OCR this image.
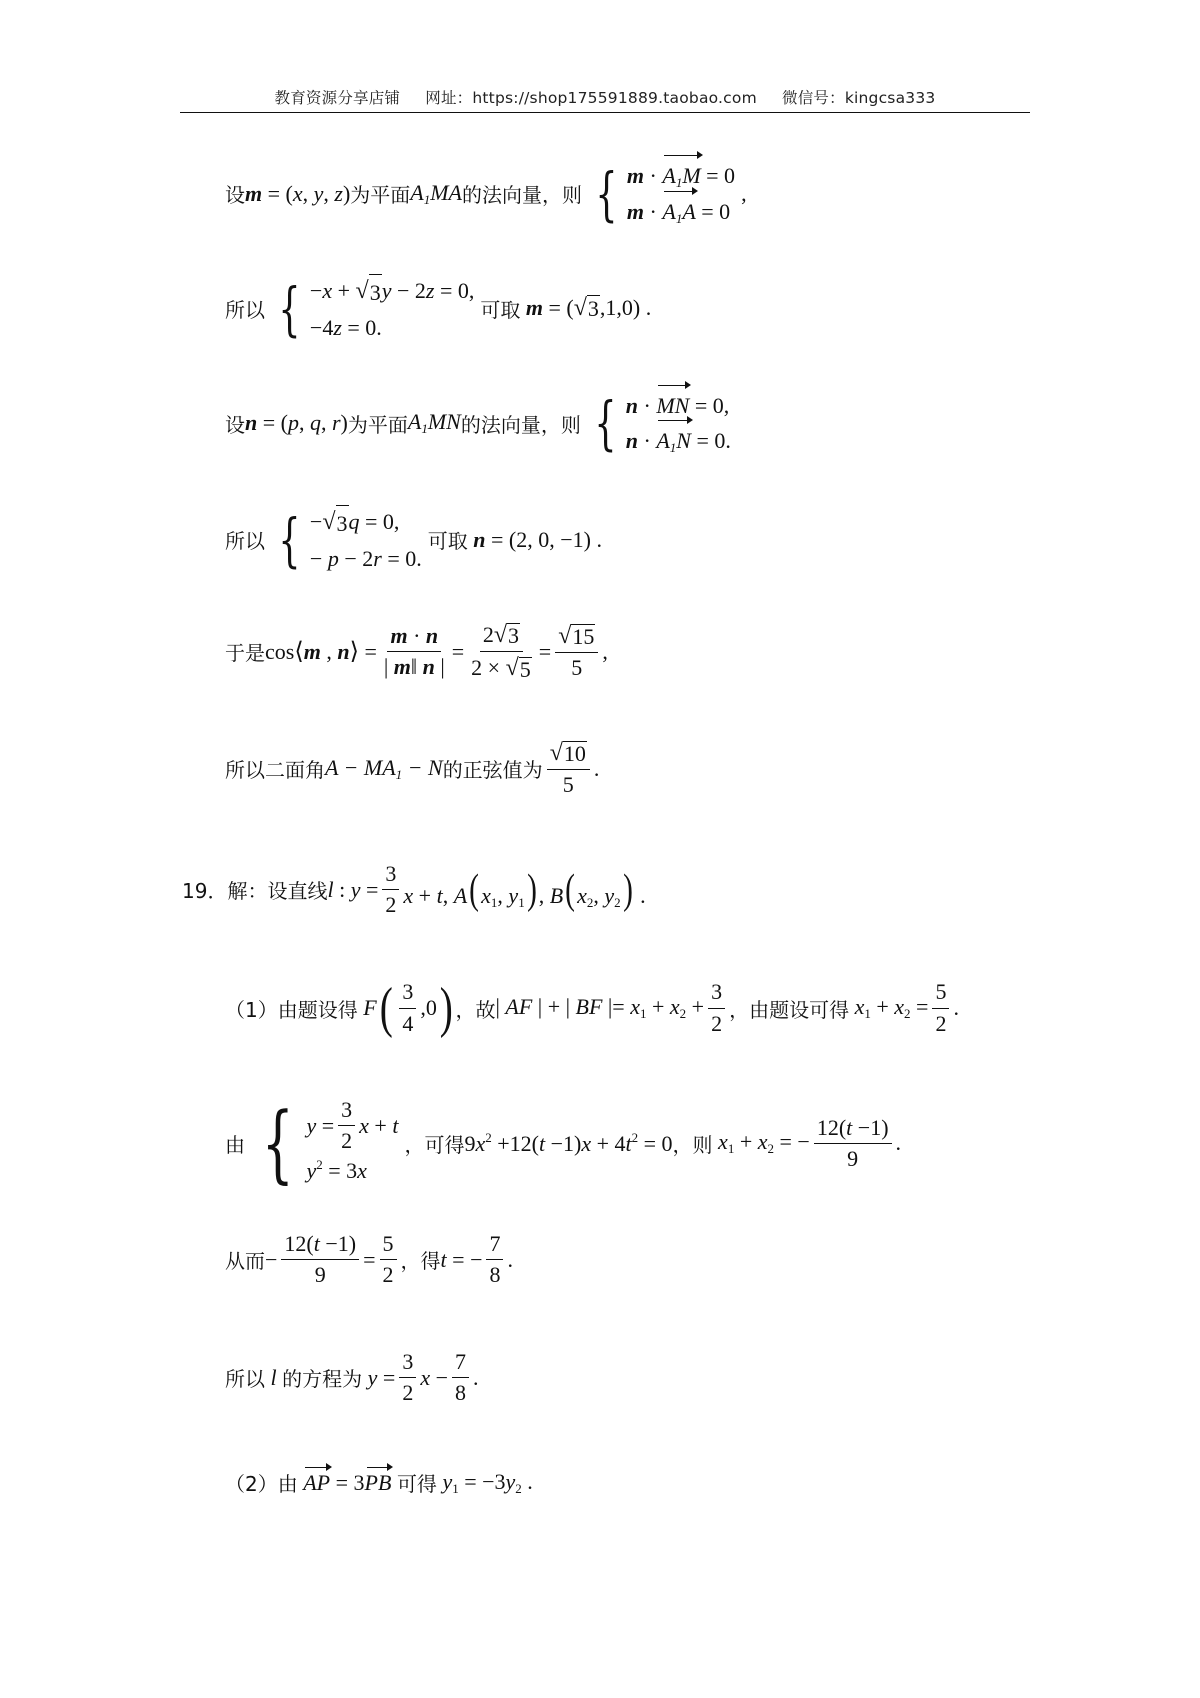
教育资源分享店铺 网址：https://shop175591889.taobao.com 微信号：kingcsa333
设 m = (x, y, z) 为平面 $A_1MA$ 的法向量，则 { $m \cdot A_1M = 0$
$m \cdot A_1A = 0$
,
所以 { −x + √ 3 y − 2z = 0,
−4z = 0.
可取 m = ( √ 3 ,1,0) .
设 n = (p, q, r) 为平面 $A_1MN$ 的法向量，则 { n · MN = 0,
$n \cdot A_1N = 0$.
所以 { − √ 3 q = 0,
− p − 2r = 0.
可取 n = (2, 0, −1) .
于是 cos⟨m , n⟩ = $\frac{m \cdot n}{| m‖ n |} = \frac{2 √ 3}{2 \times √ 5} = \frac{√ 15}{5}$ ,
所以二面角 $A - MA_1 - N$ 的正弦值为 $\frac{√ 10}{5}$ .
19． 解：设直线 l : $y = \frac{3}{2}$ x + t, $A(x_1$, $y_1$), $B(x_2$, $y_2$) .
（1）由题设得 F ( $\frac{3}{4} ,0$ ) ，故 | AF | + | BF |= $x_1 + x_2 + \frac{3}{2}$ ，由题设可得 $x_1 + x_2 = \frac{5}{2}$ .
由 { $y = \frac{3}{2}$ x + t
$y^2 = 3x$
，可得 $9x^2 +12(t -1)x + 4t^2 = 0$ ，则 $x_1 + x_2$ = − $\frac{12(t -1)}{9}$ .
从而 − $\frac{12(t -1)}{9} = \frac{5}{2}$ ，得 t = − $\frac{7}{8}$ .
所以 l 的方程为 $y = \frac{3}{2}$ $x - \frac{7}{8}$ .
（2）由 AP = 3PB 可得 $y_1 = -3y_2$ .
